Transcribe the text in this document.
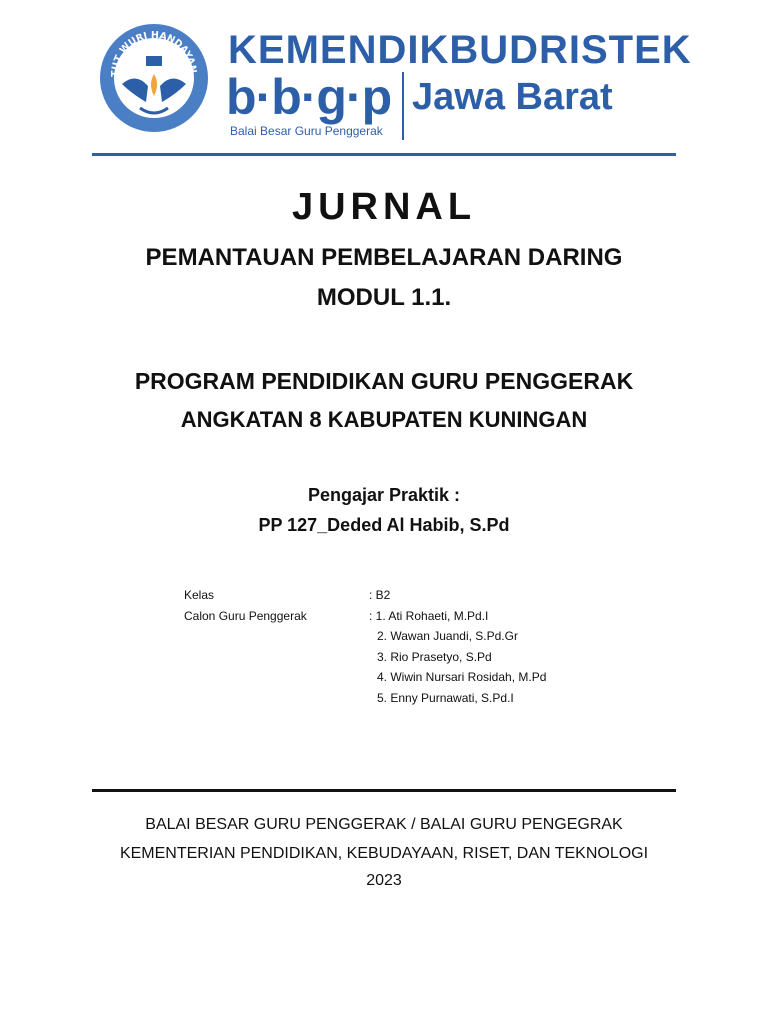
TUT WURI HANDAYAN KEMENDIKBUDRISTEK
b·b·g·p Jawa Barat
Balai Besar Guru Penggerak
JURNAL
PEMANTAUAN PEMBELAJARAN DARING
MODUL 1.1.
PROGRAM PENDIDIKAN GURU PENGGERAK
ANGKATAN 8 KABUPATEN KUNINGAN
Pengajar Praktik :
PP 127_Deded Al Habib, S.Pd
Kelas	: B2
Calon Guru Penggerak	: 1. Ati Rohaeti, M.Pd.I
2. Wawan Juandi, S.Pd.Gr
3. Rio Prasetyo, S.Pd
4. Wiwin Nursari Rosidah, M.Pd
5. Enny Purnawati, S.Pd.I
BALAI BESAR GURU PENGGERAK / BALAI GURU PENGEGRAK
KEMENTERIAN PENDIDIKAN, KEBUDAYAAN, RISET, DAN TEKNOLOGI
2023
